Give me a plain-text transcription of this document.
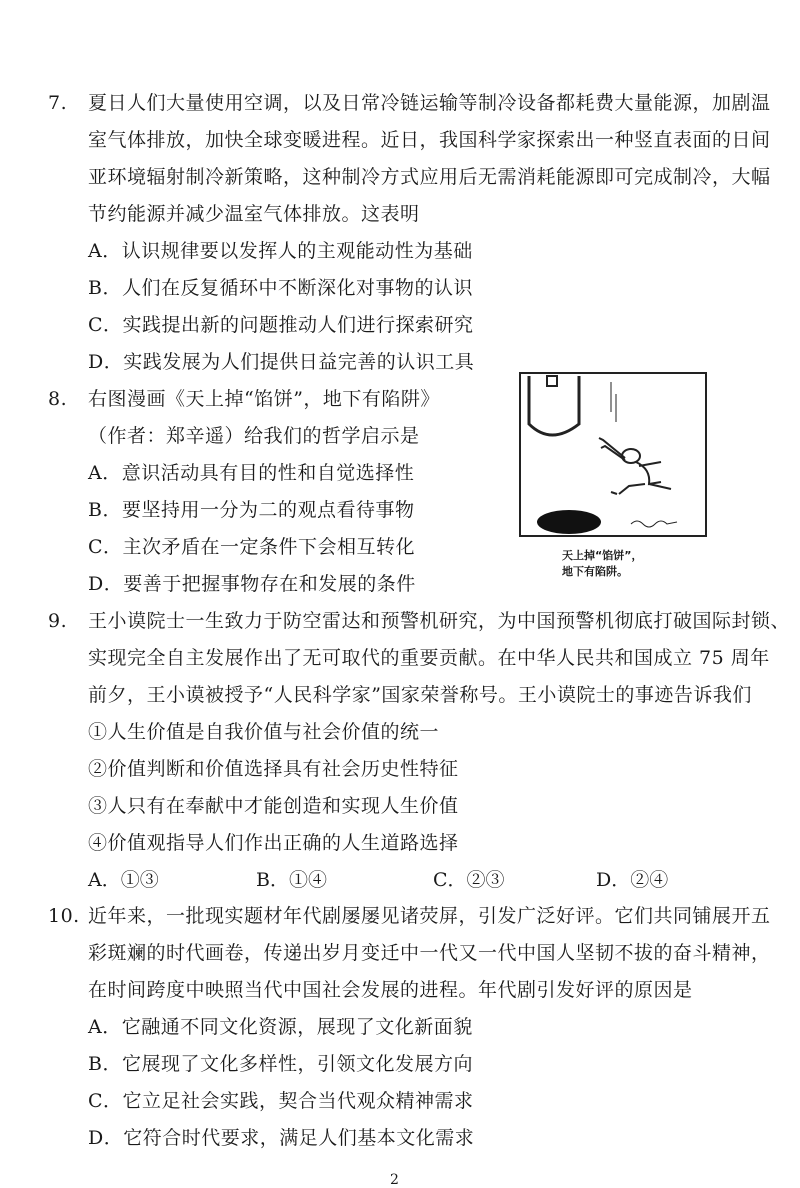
7. 夏日人们大量使用空调，以及日常冷链运输等制冷设备都耗费大量能源，加剧温
室气体排放，加快全球变暖进程。近日，我国科学家探索出一种竖直表面的日间
亚环境辐射制冷新策略，这种制冷方式应用后无需消耗能源即可完成制冷，大幅
节约能源并减少温室气体排放。这表明
A．认识规律要以发挥人的主观能动性为基础
B．人们在反复循环中不断深化对事物的认识
C．实践提出新的问题推动人们进行探索研究
D．实践发展为人们提供日益完善的认识工具
8. 右图漫画《天上掉“馅饼”，地下有陷阱》
（作者：郑辛遥）给我们的哲学启示是
A．意识活动具有目的性和自觉选择性
B．要坚持用一分为二的观点看待事物
C．主次矛盾在一定条件下会相互转化
D．要善于把握事物存在和发展的条件
天上掉“馅饼”，
地下有陷阱。
9. 王小谟院士一生致力于防空雷达和预警机研究，为中国预警机彻底打破国际封锁、
实现完全自主发展作出了无可取代的重要贡献。在中华人民共和国成立 75 周年
前夕，王小谟被授予“人民科学家”国家荣誉称号。王小谟院士的事迹告诉我们
①人生价值是自我价值与社会价值的统一
②价值判断和价值选择具有社会历史性特征
③人只有在奉献中才能创造和实现人生价值
④价值观指导人们作出正确的人生道路选择
A．①③	B．①④	C．②③	D．②④
10. 近年来，一批现实题材年代剧屡屡见诸荧屏，引发广泛好评。它们共同铺展开五
彩斑斓的时代画卷，传递出岁月变迁中一代又一代中国人坚韧不拔的奋斗精神，
在时间跨度中映照当代中国社会发展的进程。年代剧引发好评的原因是
A．它融通不同文化资源，展现了文化新面貌
B．它展现了文化多样性，引领文化发展方向
C．它立足社会实践，契合当代观众精神需求
D．它符合时代要求，满足人们基本文化需求
2
